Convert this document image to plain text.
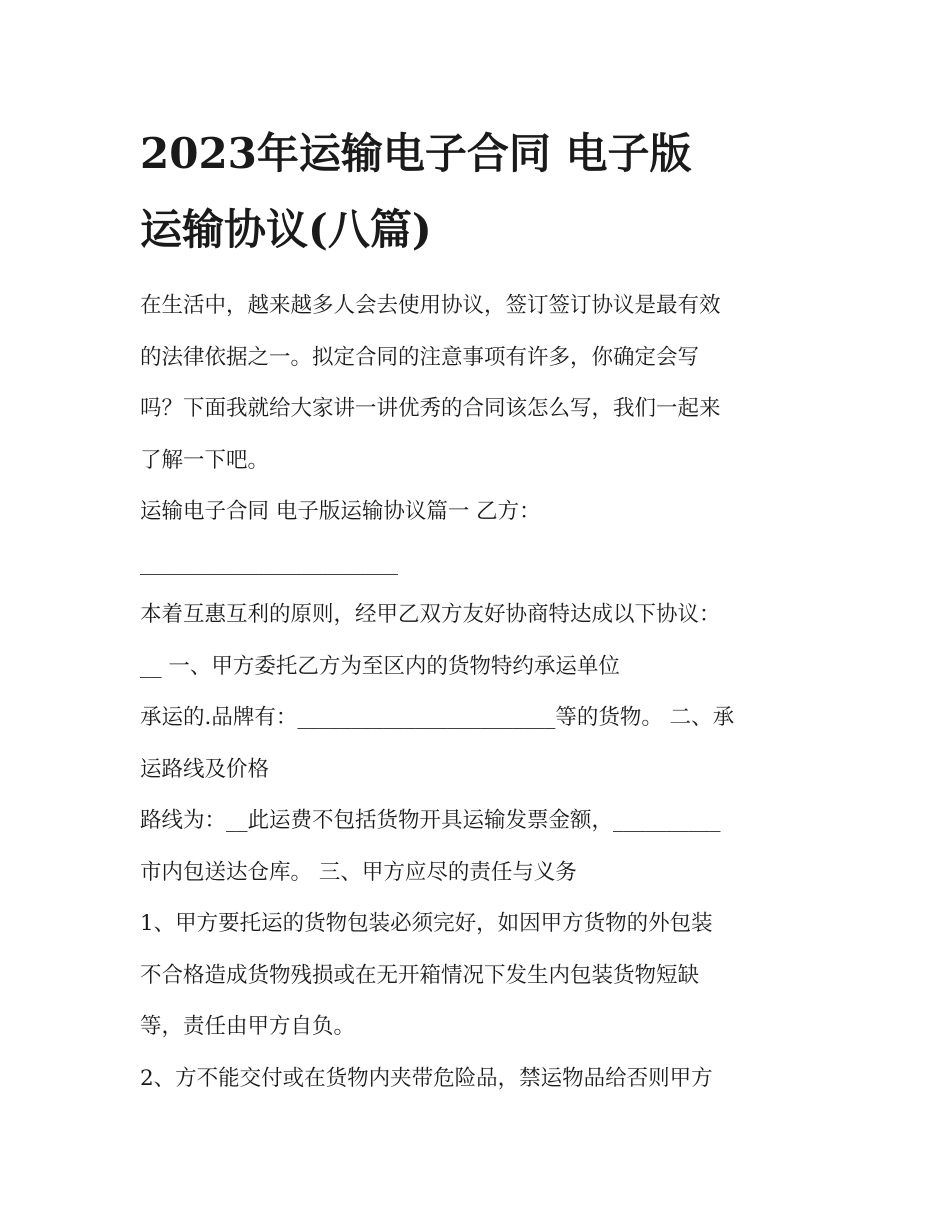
2023年运输电子合同 电子版
运输协议(八篇)

在生活中，越来越多人会去使用协议，签订签订协议是最有效
的法律依据之一。拟定合同的注意事项有许多，你确定会写
吗？下面我就给大家讲一讲优秀的合同该怎么写，我们一起来
了解一下吧。

运输电子合同 电子版运输协议篇一 乙方：

________________________

本着互惠互利的原则，经甲乙双方友好协商特达成以下协议：
__ 一、甲方委托乙方为至区内的货物特约承运单位
承运的.品牌有：________________________等的货物。 二、承
运路线及价格
路线为：__此运费不包括货物开具运输发票金额，__________
市内包送达仓库。 三、甲方应尽的责任与义务

1、甲方要托运的货物包装必须完好，如因甲方货物的外包装
不合格造成货物残损或在无开箱情况下发生内包装货物短缺
等，责任由甲方自负。

2、方不能交付或在货物内夹带危险品，禁运物品给否则甲方
